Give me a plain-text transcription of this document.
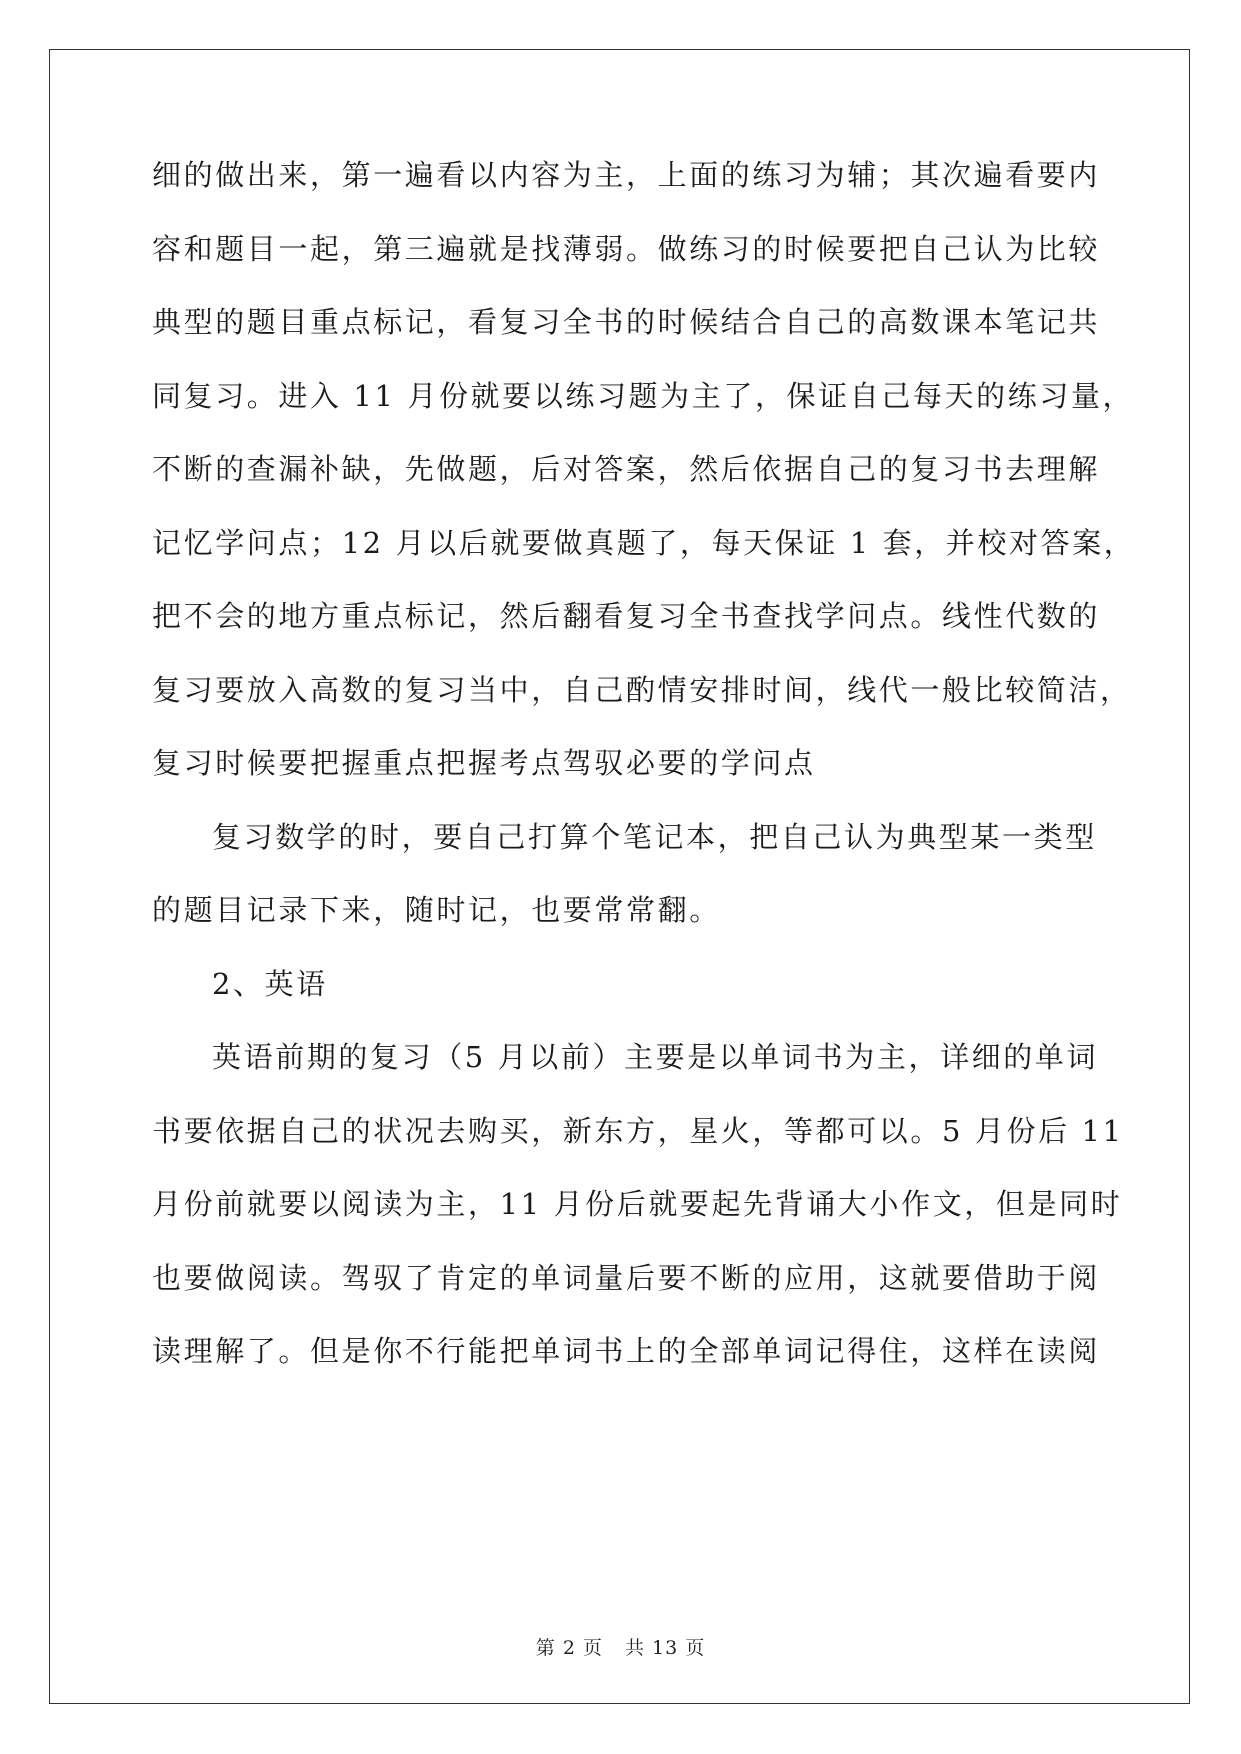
细的做出来，第一遍看以内容为主，上面的练习为辅；其次遍看要内
容和题目一起，第三遍就是找薄弱。做练习的时候要把自己认为比较
典型的题目重点标记，看复习全书的时候结合自己的高数课本笔记共
同复习。进入 11 月份就要以练习题为主了，保证自己每天的练习量，
不断的查漏补缺，先做题，后对答案，然后依据自己的复习书去理解
记忆学问点；12 月以后就要做真题了，每天保证 1 套，并校对答案，
把不会的地方重点标记，然后翻看复习全书查找学问点。线性代数的
复习要放入高数的复习当中，自己酌情安排时间，线代一般比较简洁，
复习时候要把握重点把握考点驾驭必要的学问点
复习数学的时，要自己打算个笔记本，把自己认为典型某一类型
的题目记录下来，随时记，也要常常翻。
2、英语
英语前期的复习（5 月以前）主要是以单词书为主，详细的单词
书要依据自己的状况去购买，新东方，星火，等都可以。5 月份后 11
月份前就要以阅读为主，11 月份后就要起先背诵大小作文，但是同时
也要做阅读。驾驭了肯定的单词量后要不断的应用，这就要借助于阅
读理解了。但是你不行能把单词书上的全部单词记得住，这样在读阅
第 2 页 共 13 页
